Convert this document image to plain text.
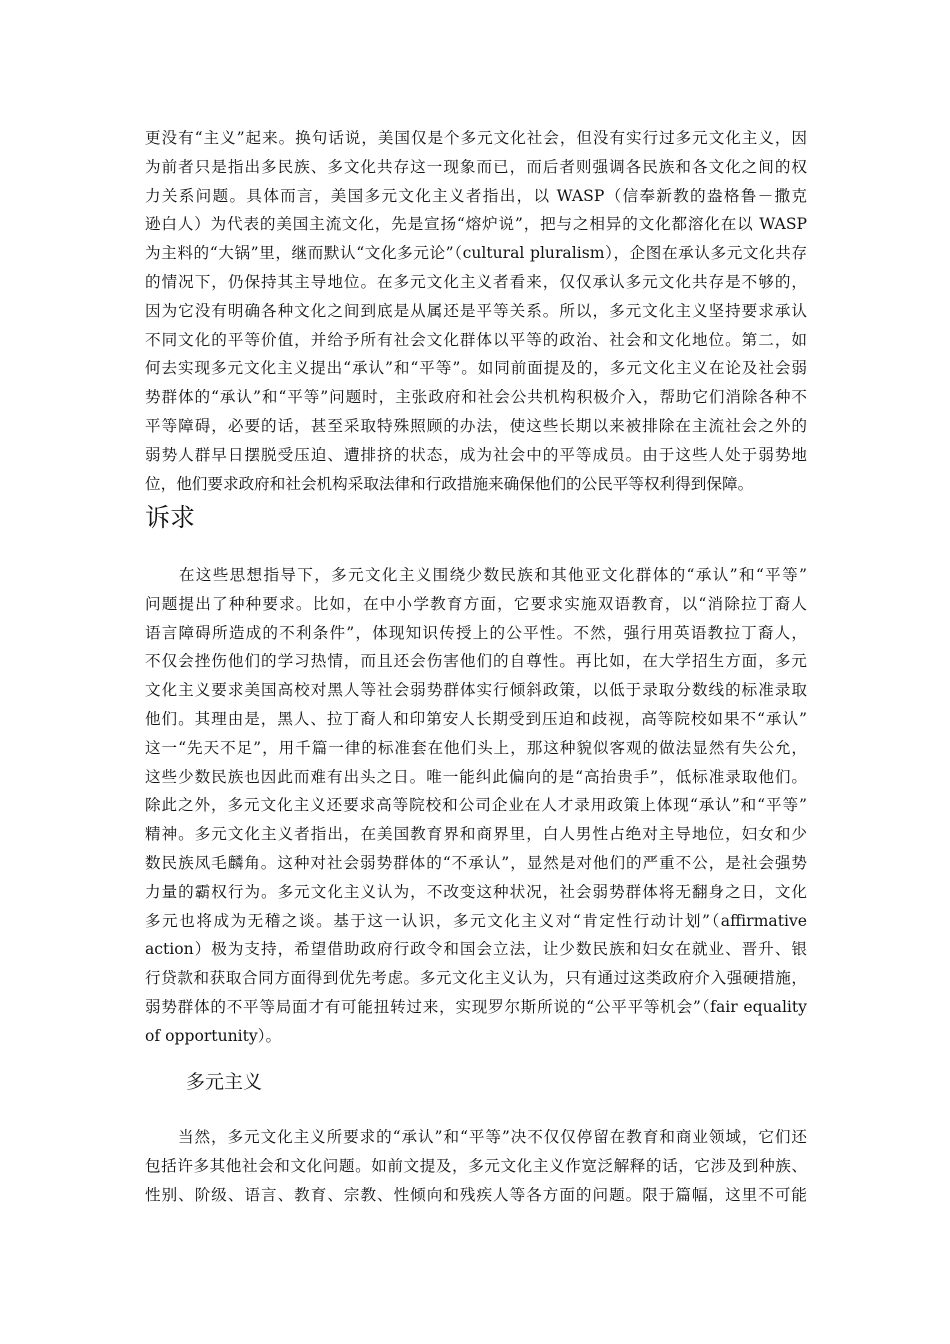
更没有“主义”起来。换句话说，美国仅是个多元文化社会，但没有实行过多元文化主义，因
为前者只是指出多民族、多文化共存这一现象而已，而后者则强调各民族和各文化之间的权
力关系问题。具体而言，美国多元文化主义者指出，以 WASP（信奉新教的盎格鲁－撒克
逊白人）为代表的美国主流文化，先是宣扬“熔炉说”，把与之相异的文化都溶化在以 WASP
为主料的“大锅”里，继而默认“文化多元论”（cultural pluralism），企图在承认多元文化共存
的情况下，仍保持其主导地位。在多元文化主义者看来，仅仅承认多元文化共存是不够的，
因为它没有明确各种文化之间到底是从属还是平等关系。所以，多元文化主义坚持要求承认
不同文化的平等价值，并给予所有社会文化群体以平等的政治、社会和文化地位。第二，如
何去实现多元文化主义提出“承认”和“平等”。如同前面提及的，多元文化主义在论及社会弱
势群体的“承认”和“平等”问题时，主张政府和社会公共机构积极介入，帮助它们消除各种不
平等障碍，必要的话，甚至采取特殊照顾的办法，使这些长期以来被排除在主流社会之外的
弱势人群早日摆脱受压迫、遭排挤的状态，成为社会中的平等成员。由于这些人处于弱势地
位，他们要求政府和社会机构采取法律和行政措施来确保他们的公民平等权利得到保障。

诉求

　　在这些思想指导下，多元文化主义围绕少数民族和其他亚文化群体的“承认”和“平等”
问题提出了种种要求。比如，在中小学教育方面，它要求实施双语教育，以“消除拉丁裔人
语言障碍所造成的不利条件”，体现知识传授上的公平性。不然，强行用英语教拉丁裔人，
不仅会挫伤他们的学习热情，而且还会伤害他们的自尊性。再比如，在大学招生方面，多元
文化主义要求美国高校对黑人等社会弱势群体实行倾斜政策，以低于录取分数线的标准录取
他们。其理由是，黑人、拉丁裔人和印第安人长期受到压迫和歧视，高等院校如果不“承认”
这一“先天不足”，用千篇一律的标准套在他们头上，那这种貌似客观的做法显然有失公允，
这些少数民族也因此而难有出头之日。唯一能纠此偏向的是“高抬贵手”，低标准录取他们。
除此之外，多元文化主义还要求高等院校和公司企业在人才录用政策上体现“承认”和“平等”
精神。多元文化主义者指出，在美国教育界和商界里，白人男性占绝对主导地位，妇女和少
数民族凤毛麟角。这种对社会弱势群体的“不承认”，显然是对他们的严重不公，是社会强势
力量的霸权行为。多元文化主义认为，不改变这种状况，社会弱势群体将无翻身之日，文化
多元也将成为无稽之谈。基于这一认识，多元文化主义对“肯定性行动计划”（affirmative
action）极为支持，希望借助政府行政令和国会立法，让少数民族和妇女在就业、晋升、银
行贷款和获取合同方面得到优先考虑。多元文化主义认为，只有通过这类政府介入强硬措施，
弱势群体的不平等局面才有可能扭转过来，实现罗尔斯所说的“公平平等机会”（fair equality
of opportunity）。

多元主义

　　当然，多元文化主义所要求的“承认”和“平等”决不仅仅停留在教育和商业领域，它们还
包括许多其他社会和文化问题。如前文提及，多元文化主义作宽泛解释的话，它涉及到种族、
性别、阶级、语言、教育、宗教、性倾向和残疾人等各方面的问题。限于篇幅，这里不可能
